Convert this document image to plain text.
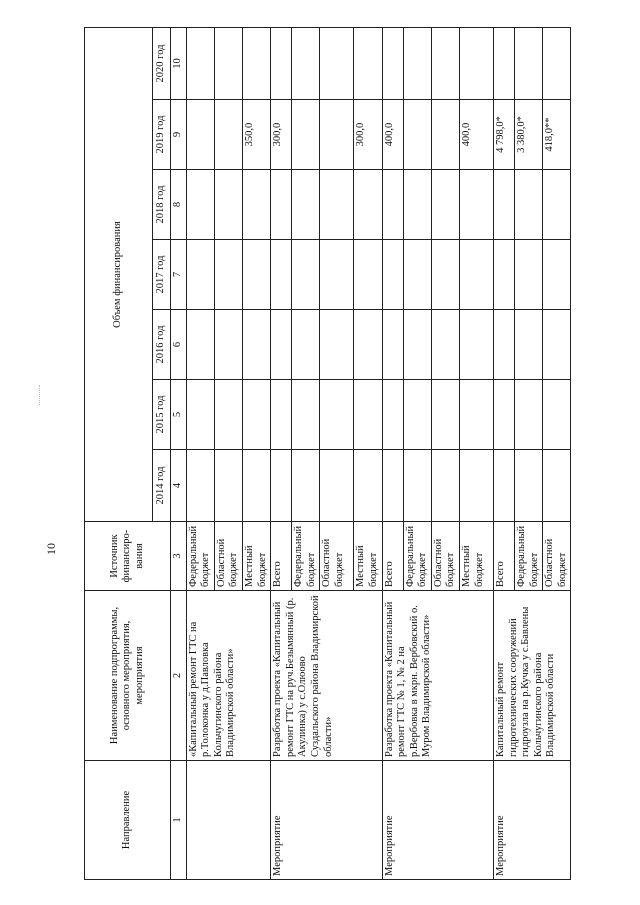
10
Направление	Наименование подпрограммы, основного мероприятия, мероприятия	Источник финансиро-вания	Объем финансирования						
			2014 год	2015 год	2016 год	2017 год	2018 год	2019 год	2020 год
1	2	3	4	5	6	7	8	9	10
	«Капитальный ремонт ГТС на р.Толоконка у д.Павловка Кольчугинского района Владимирской области»	Федеральный бюджет							
		Областной бюджет							
		Местный бюджет						350,0	
Мероприятие	Разработка проекта «Капитальный ремонт ГТС на руч.Безымянный (р. Акулинка) у с.Олюово Суздальского района Владимирской области»	Всего						300,0	
		Федеральный бюджет							
		Областной бюджет							
		Местный бюджет						300,0	
Мероприятие	Разработка проекта «Капитальный ремонт ГТС № 1, № 2 на р.Вербовка в мкрн. Вербовский о. Муром Владимирской области»	Всего						400,0	
		Федеральный бюджет							
		Областной бюджет							
		Местный бюджет						400,0	
Мероприятие	Капитальный ремонт гидротехнических сооружений гидроузла на р.Кучка у с.Бавлены Кольчугинского района Владимирской области	Всего						4 798,0*	
		Федеральный бюджет						3 380,0*	
		Областной бюджет						418,0**	
